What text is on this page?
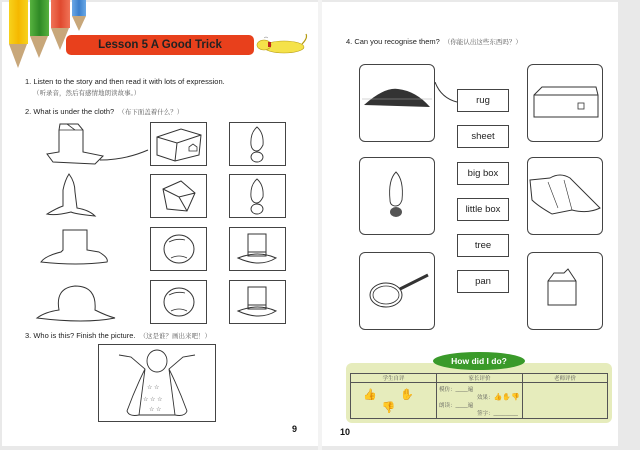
Lesson 5 A Good Trick
1. Listen to the story and then read it with lots of expression.
（听录音，然后有感情地朗读故事。）
2. What is under the cloth? （布下面盖着什么？）
3. Who is this? Finish the picture. （这是谁？画出来吧！）
☆ ☆
☆ ☆ ☆
☆ ☆
9
4. Can you recognise them? （你能认出这些东西吗？）
rug
sheet
big box
little box
tree
pan
学生自评	家长评价	老师评价
👍 ✋ 👎	模仿：____遍
朗读：____遍
效果：👍✋👎
签字：________	

How did I do?
10
